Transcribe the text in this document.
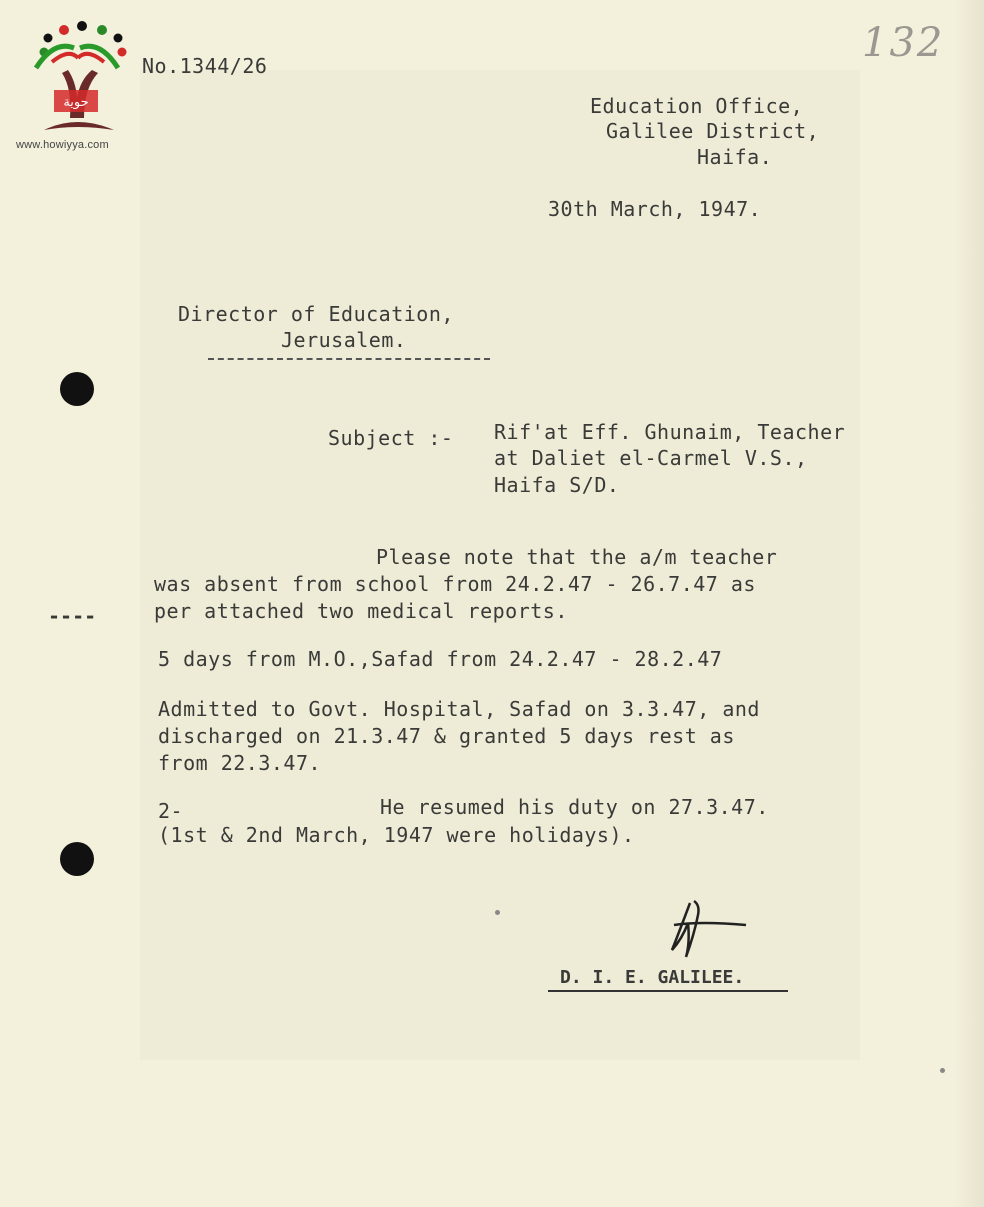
حوية
www.howiyya.com
132
No.1344/26
Education Office,
Galilee District,
Haifa.
30th March, 1947.
Director of Education,
Jerusalem.
Subject :- Rif'at Eff. Ghunaim, Teacher
at Daliet el-Carmel V.S.,
Haifa S/D.
Please note that the a/m teacher
was absent from school from 24.2.47 - 26.7.47 as
per attached two medical reports.
----
5 days from M.O.,Safad from 24.2.47 - 28.2.47
Admitted to Govt. Hospital, Safad on 3.3.47, and
discharged on 21.3.47 & granted 5 days rest as
from 22.3.47.
2-	He resumed his duty on 27.3.47.
(1st & 2nd March, 1947 were holidays).
D. I. E. GALILEE.
